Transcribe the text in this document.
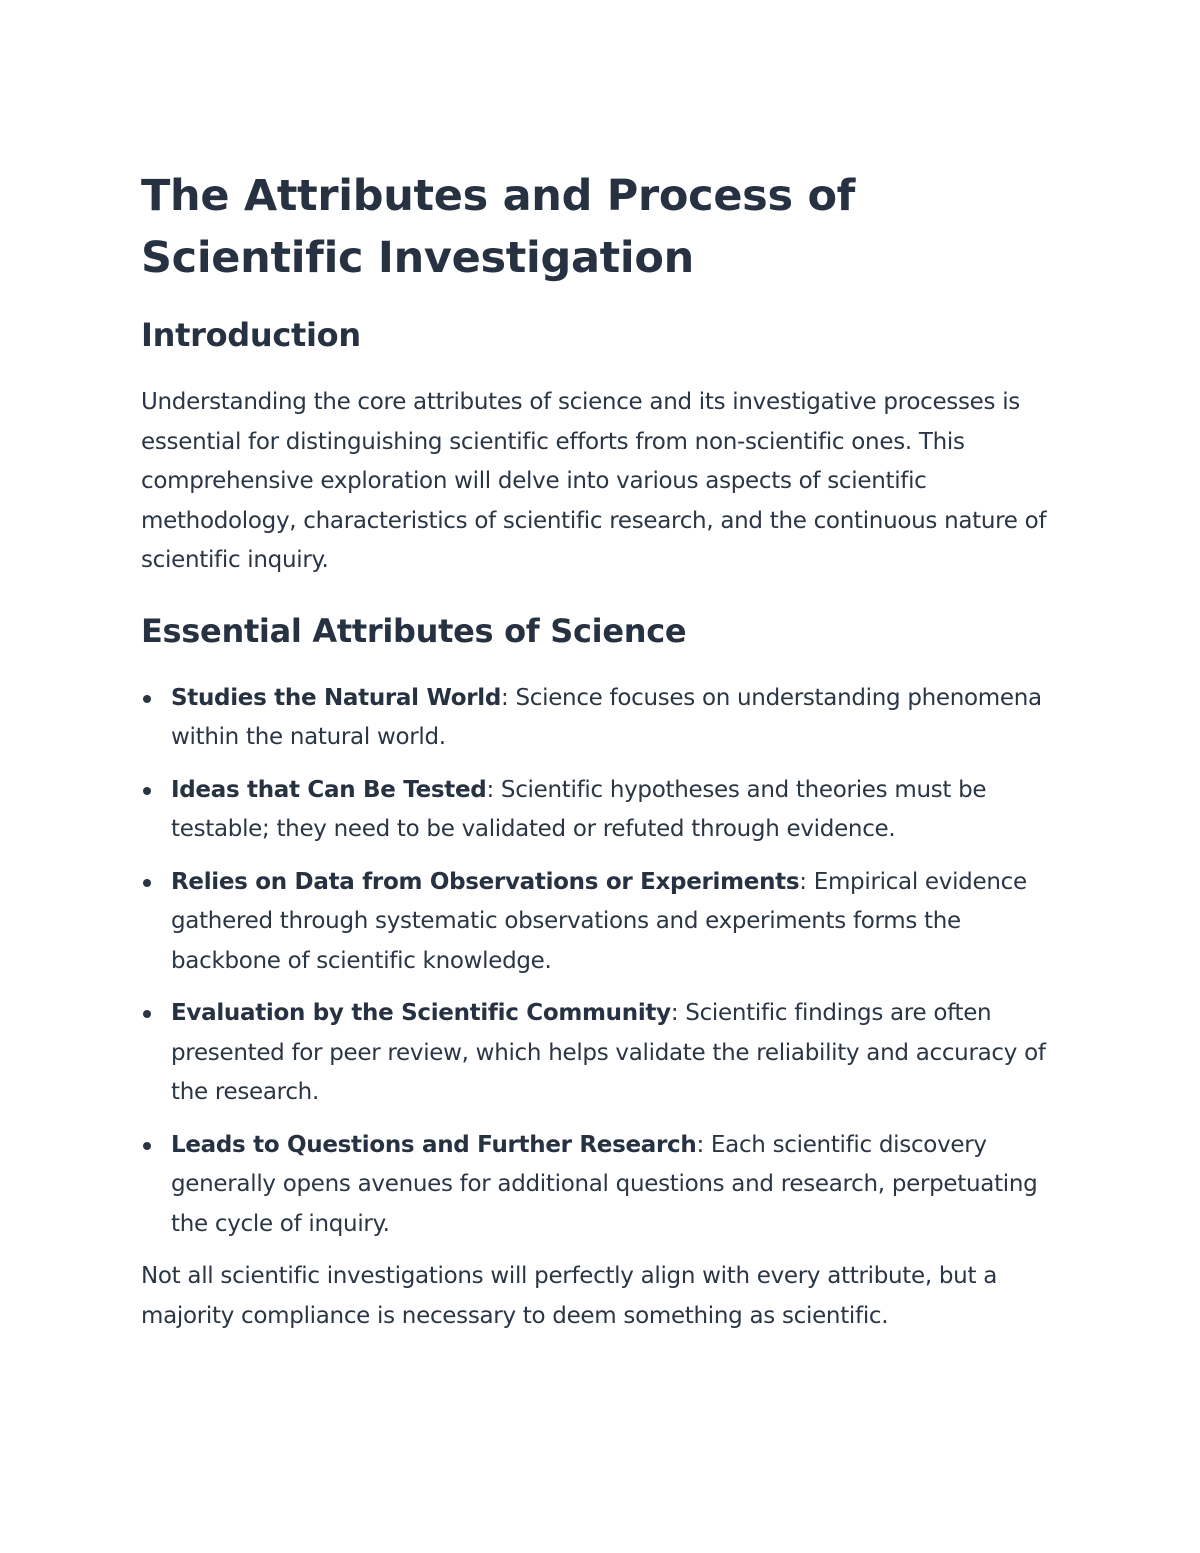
The Attributes and Process of Scientific Investigation
Introduction

Understanding the core attributes of science and its investigative processes is essential for distinguishing scientific efforts from non-scientific ones. This comprehensive exploration will delve into various aspects of scientific methodology, characteristics of scientific research, and the continuous nature of scientific inquiry.

Essential Attributes of Science
Studies the Natural World: Science focuses on understanding phenomena within the natural world.
Ideas that Can Be Tested: Scientific hypotheses and theories must be testable; they need to be validated or refuted through evidence.
Relies on Data from Observations or Experiments: Empirical evidence gathered through systematic observations and experiments forms the backbone of scientific knowledge.
Evaluation by the Scientific Community: Scientific findings are often presented for peer review, which helps validate the reliability and accuracy of the research.
Leads to Questions and Further Research: Each scientific discovery generally opens avenues for additional questions and research, perpetuating the cycle of inquiry.

Not all scientific investigations will perfectly align with every attribute, but a majority compliance is necessary to deem something as scientific.
